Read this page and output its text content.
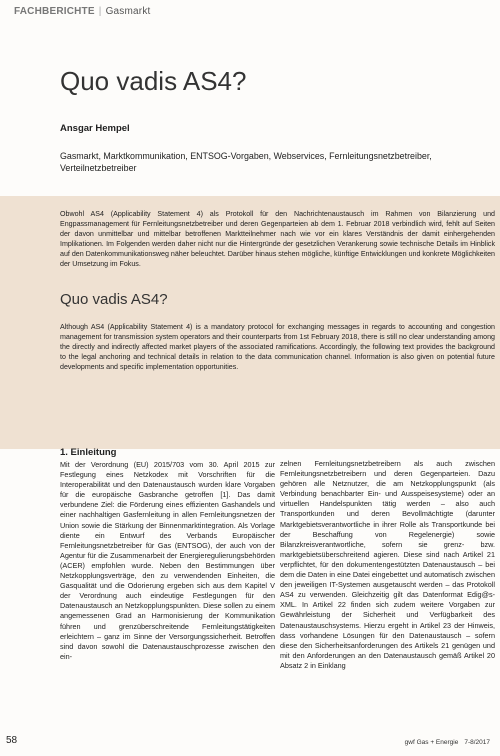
FACHBERICHTE | Gasmarkt
Quo vadis AS4?
Ansgar Hempel
Gasmarkt, Marktkommunikation, ENTSOG-Vorgaben, Webservices, Fernleitungsnetzbetreiber, Verteilnetzbetreiber
Obwohl AS4 (Applicability Statement 4) als Protokoll für den Nachrichtenaustausch im Rahmen von Bilanzierung und Engpassmanagement für Fernleitungsnetzbetreiber und deren Gegenparteien ab dem 1. Februar 2018 verbindlich wird, fehlt auf Seiten der davon unmittelbar und mittelbar betroffenen Marktteilnehmer nach wie vor ein klares Verständnis der damit einhergehenden Implikationen. Im Folgenden werden daher nicht nur die Hintergründe der gesetzlichen Verankerung sowie technische Details im Hinblick auf den Datenkommunikationsweg näher beleuchtet. Darüber hinaus stehen mögliche, künftige Entwicklungen und konkrete Möglichkeiten der Umsetzung im Fokus.
Quo vadis AS4?
Although AS4 (Applicability Statement 4) is a mandatory protocol for exchanging messages in regards to accounting and congestion management for transmission system operators and their counterparts from 1st February 2018, there is still no clear understanding among the directly and indirectly affected market players of the associated ramifications. Accordingly, the following text provides the background to the legal anchoring and technical details in relation to the data communication channel. Information is also given on potential future developments and specific implementation opportunities.
1. Einleitung

Mit der Verordnung (EU) 2015/703 vom 30. April 2015 zur Festlegung eines Netzkodex mit Vorschriften für die Interoperabilität und den Datenaustausch wurden klare Vorgaben für die europäische Gasbranche getroffen [1]. Das damit verbundene Ziel: die Förderung eines effizienten Gashandels und einer nachhaltigen Gasfernleitung in allen Fernleitungsnetzen der Union sowie die Stärkung der Binnenmarktintegration. Als Vorlage diente ein Entwurf des Verbands Europäischer Fernleitungsnetzbetreiber für Gas (ENTSOG), der auch von der Agentur für die Zusammenarbeit der Energieregulierungsbehörden (ACER) empfohlen wurde. Neben den Bestimmungen über Netzkopplungsverträge, den zu verwendenden Einheiten, die Gasqualität und die Odorierung ergeben sich aus dem Kapitel V der Verordnung auch eindeutige Festlegungen für den Datenaustausch an Netzkopplungspunkten. Diese sollen zu einem angemessenen Grad an Harmonisierung der Kommunikation führen und grenzüberschreitende Fernleitungstätigkeiten erleichtern – ganz im Sinne der Versorgungssicherheit. Betroffen sind davon sowohl die Datenaustauschprozesse zwischen den ein-

zelnen Fernleitungsnetzbetreibern als auch zwischen Fernleitungsnetzbetreibern und deren Gegenparteien. Dazu gehören alle Netznutzer, die am Netzkopplungspunkt (als Verbindung benachbarter Ein- und Ausspeisesysteme) oder an virtuellen Handelspunkten tätig werden – also auch Transportkunden und deren Bevollmächtigte (darunter Marktgebietsverantwortliche in ihrer Rolle als Transportkunde bei der Beschaffung von Regelenergie) sowie Bilanzkreisverantwortliche, sofern sie grenz- bzw. marktgebietsüberschreitend agieren. Diese sind nach Artikel 21 verpflichtet, für den dokumentengestützten Datenaustausch – bei dem die Daten in eine Datei eingebettet und automatisch zwischen den jeweiligen IT-Systemen ausgetauscht werden – das Protokoll AS4 zu verwenden. Gleichzeitig gilt das Datenformat Edig@s-XML. In Artikel 22 finden sich zudem weitere Vorgaben zur Gewährleistung der Sicherheit und Verfügbarkeit des Datenaustauschsystems. Hierzu ergeht in Artikel 23 der Hinweis, dass vorhandene Lösungen für den Datenaustausch – sofern diese den Sicherheitsanforderungen des Artikels 21 genügen und mit den Anforderungen an den Datenaustausch gemäß Artikel 20 Absatz 2 in Einklang

58	gwf Gas + Energie 7-8/2017
